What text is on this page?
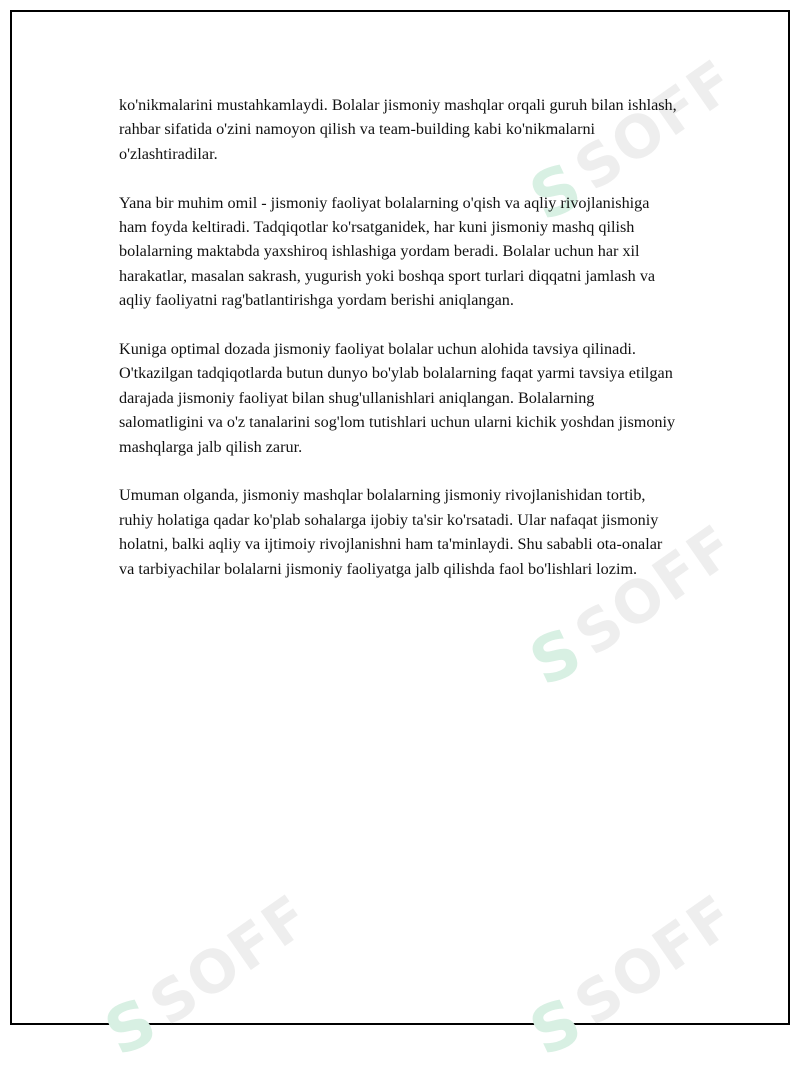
SSOFF
SSOFF
SSOFF	SSOFF

ko'nikmalarini mustahkamlaydi. Bolalar jismoniy mashqlar orqali guruh bilan ishlash, rahbar sifatida o'zini namoyon qilish va team-building kabi ko'nikmalarni o'zlashtiradilar.

Yana bir muhim omil - jismoniy faoliyat bolalarning o'qish va aqliy rivojlanishiga ham foyda keltiradi. Tadqiqotlar ko'rsatganidek, har kuni jismoniy mashq qilish bolalarning maktabda yaxshiroq ishlashiga yordam beradi. Bolalar uchun har xil harakatlar, masalan sakrash, yugurish yoki boshqa sport turlari diqqatni jamlash va aqliy faoliyatni rag'batlantirishga yordam berishi aniqlangan.

Kuniga optimal dozada jismoniy faoliyat bolalar uchun alohida tavsiya qilinadi. O'tkazilgan tadqiqotlarda butun dunyo bo'ylab bolalarning faqat yarmi tavsiya etilgan darajada jismoniy faoliyat bilan shug'ullanishlari aniqlangan. Bolalarning salomatligini va o'z tanalarini sog'lom tutishlari uchun ularni kichik yoshdan jismoniy mashqlarga jalb qilish zarur.

Umuman olganda, jismoniy mashqlar bolalarning jismoniy rivojlanishidan tortib, ruhiy holatiga qadar ko'plab sohalarga ijobiy ta'sir ko'rsatadi. Ular nafaqat jismoniy holatni, balki aqliy va ijtimoiy rivojlanishni ham ta'minlaydi. Shu sababli ota-onalar va tarbiyachilar bolalarni jismoniy faoliyatga jalb qilishda faol bo'lishlari lozim.
